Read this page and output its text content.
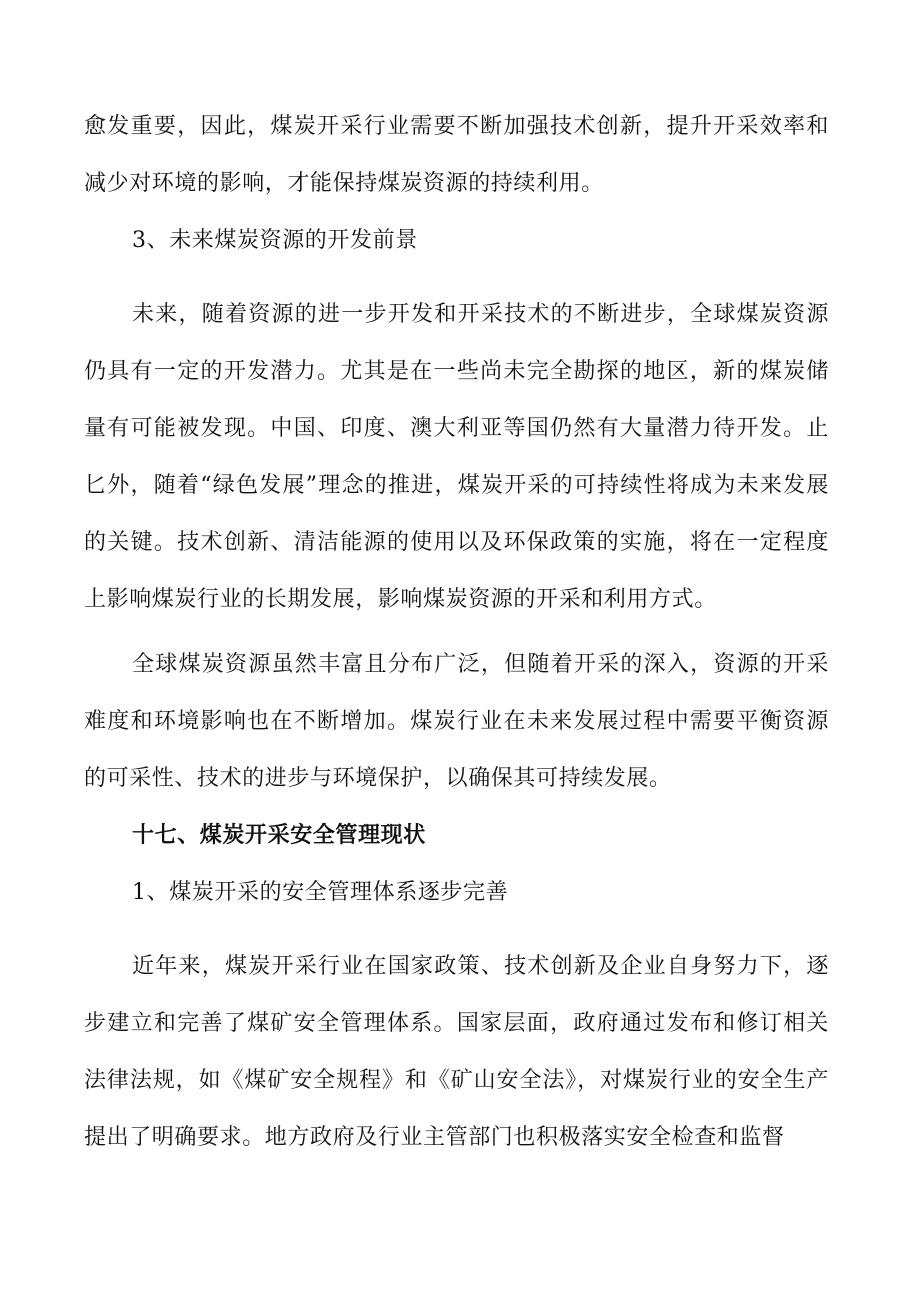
愈发重要，因此，煤炭开采行业需要不断加强技术创新，提升开采效率和减少对环境的影响，才能保持煤炭资源的持续利用。

3、未来煤炭资源的开发前景

未来，随着资源的进一步开发和开采技术的不断进步，全球煤炭资源仍具有一定的开发潜力。尤其是在一些尚未完全勘探的地区，新的煤炭储量有可能被发现。中国、印度、澳大利亚等国仍然有大量潜力待开发。止匕外，随着“绿色发展”理念的推进，煤炭开采的可持续性将成为未来发展的关键。技术创新、清洁能源的使用以及环保政策的实施，将在一定程度上影响煤炭行业的长期发展，影响煤炭资源的开采和利用方式。

全球煤炭资源虽然丰富且分布广泛，但随着开采的深入，资源的开采难度和环境影响也在不断增加。煤炭行业在未来发展过程中需要平衡资源的可采性、技术的进步与环境保护，以确保其可持续发展。

十七、煤炭开采安全管理现状

1、煤炭开采的安全管理体系逐步完善

近年来，煤炭开采行业在国家政策、技术创新及企业自身努力下，逐步建立和完善了煤矿安全管理体系。国家层面，政府通过发布和修订相关法律法规，如《煤矿安全规程》和《矿山安全法》，对煤炭行业的安全生产提出了明确要求。地方政府及行业主管部门也积极落实安全检查和监督
